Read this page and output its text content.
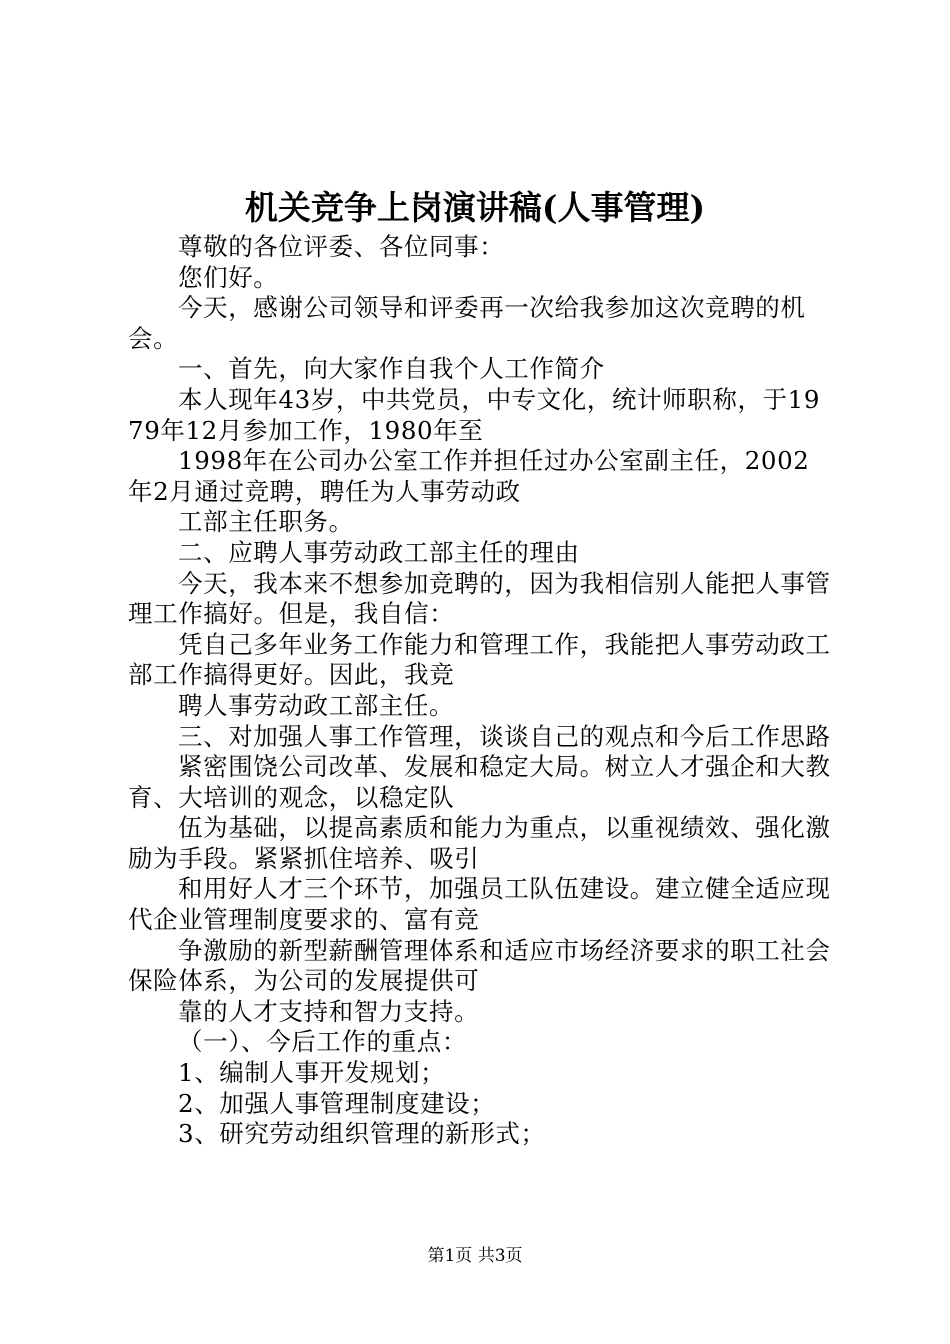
机关竞争上岗演讲稿(人事管理)

尊敬的各位评委、各位同事：

您们好。

今天，感谢公司领导和评委再一次给我参加这次竞聘的机会。

一、首先，向大家作自我个人工作简介

本人现年43岁，中共党员，中专文化，统计师职称，于1979年12月参加工作，1980年至

1998年在公司办公室工作并担任过办公室副主任，2002年2月通过竞聘，聘任为人事劳动政

工部主任职务。

二、应聘人事劳动政工部主任的理由

今天，我本来不想参加竞聘的，因为我相信别人能把人事管理工作搞好。但是，我自信：

凭自己多年业务工作能力和管理工作，我能把人事劳动政工部工作搞得更好。因此，我竞

聘人事劳动政工部主任。

三、对加强人事工作管理，谈谈自己的观点和今后工作思路

紧密围饶公司改革、发展和稳定大局。树立人才强企和大教育、大培训的观念，以稳定队

伍为基础，以提高素质和能力为重点，以重视绩效、强化激励为手段。紧紧抓住培养、吸引

和用好人才三个环节，加强员工队伍建设。建立健全适应现代企业管理制度要求的、富有竞

争激励的新型薪酬管理体系和适应市场经济要求的职工社会保险体系，为公司的发展提供可

靠的人才支持和智力支持。

（一）、今后工作的重点：

1、编制人事开发规划；

2、加强人事管理制度建设；

3、研究劳动组织管理的新形式；

第1页 共3页
